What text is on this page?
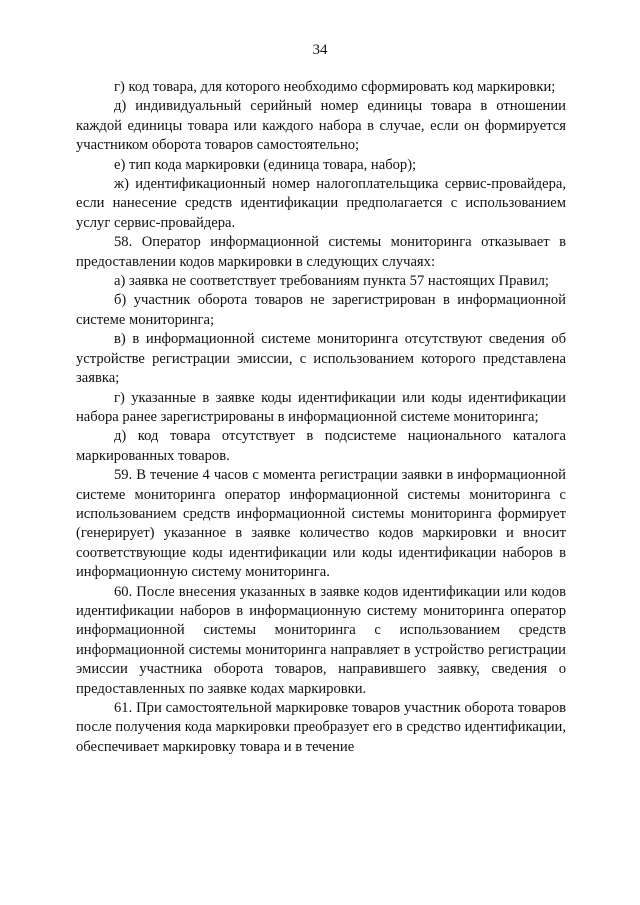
34

г) код товара, для которого необходимо сформировать код маркировки;

д) индивидуальный серийный номер единицы товара в отношении каждой единицы товара или каждого набора в случае, если он формируется участником оборота товаров самостоятельно;

е) тип кода маркировки (единица товара, набор);

ж) идентификационный номер налогоплательщика сервис-провайдера, если нанесение средств идентификации предполагается с использованием услуг сервис-провайдера.

58. Оператор информационной системы мониторинга отказывает в предоставлении кодов маркировки в следующих случаях:

а) заявка не соответствует требованиям пункта 57 настоящих Правил;

б) участник оборота товаров не зарегистрирован в информационной системе мониторинга;

в) в информационной системе мониторинга отсутствуют сведения об устройстве регистрации эмиссии, с использованием которого представлена заявка;

г) указанные в заявке коды идентификации или коды идентификации набора ранее зарегистрированы в информационной системе мониторинга;

д) код товара отсутствует в подсистеме национального каталога маркированных товаров.

59. В течение 4 часов с момента регистрации заявки в информационной системе мониторинга оператор информационной системы мониторинга с использованием средств информационной системы мониторинга формирует (генерирует) указанное в заявке количество кодов маркировки и вносит соответствующие коды идентификации или коды идентификации наборов в информационную систему мониторинга.

60. После внесения указанных в заявке кодов идентификации или кодов идентификации наборов в информационную систему мониторинга оператор информационной системы мониторинга с использованием средств информационной системы мониторинга направляет в устройство регистрации эмиссии участника оборота товаров, направившего заявку, сведения о предоставленных по заявке кодах маркировки.

61. При самостоятельной маркировке товаров участник оборота товаров после получения кода маркировки преобразует его в средство идентификации, обеспечивает маркировку товара и в течение
